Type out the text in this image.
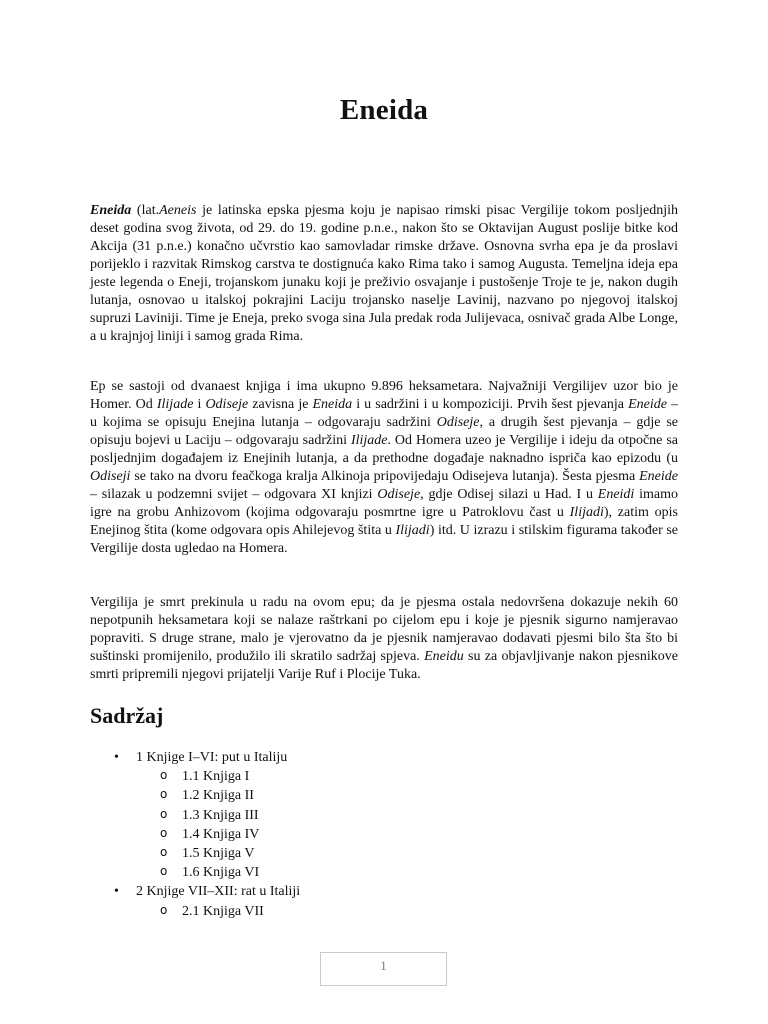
Eneida

Eneida (lat.Aeneis je latinska epska pjesma koju je napisao rimski pisac Vergilije tokom posljednjih deset godina svog života, od 29. do 19. godine p.n.e., nakon što se Oktavijan August poslije bitke kod Akcija (31 p.n.e.) konačno učvrstio kao samovladar rimske države. Osnovna svrha epa je da proslavi porijeklo i razvitak Rimskog carstva te dostignuća kako Rima tako i samog Augusta. Temeljna ideja epa jeste legenda o Eneji, trojanskom junaku koji je preživio osvajanje i pustošenje Troje te je, nakon dugih lutanja, osnovao u italskoj pokrajini Laciju trojansko naselje Lavinij, nazvano po njegovoj italskoj supruzi Laviniji. Time je Eneja, preko svoga sina Jula predak roda Julijevaca, osnivač grada Albe Longe, a u krajnjoj liniji i samog grada Rima.

Ep se sastoji od dvanaest knjiga i ima ukupno 9.896 heksametara. Najvažniji Vergilijev uzor bio je Homer. Od Ilijade i Odiseje zavisna je Eneida i u sadržini i u kompoziciji. Prvih šest pjevanja Eneide – u kojima se opisuju Enejina lutanja – odgovaraju sadržini Odiseje, a drugih šest pjevanja – gdje se opisuju bojevi u Laciju – odgovaraju sadržini Ilijade. Od Homera uzeo je Vergilije i ideju da otpočne sa posljednjim događajem iz Enejinih lutanja, a da prethodne događaje naknadno ispriča kao epizodu (u Odiseji se tako na dvoru feačkoga kralja Alkinoja pripovijedaju Odisejeva lutanja). Šesta pjesma Eneide – silazak u podzemni svijet – odgovara XI knjizi Odiseje, gdje Odisej silazi u Had. I u Eneidi imamo igre na grobu Anhizovom (kojima odgovaraju posmrtne igre u Patroklovu čast u Ilijadi), zatim opis Enejinog štita (kome odgovara opis Ahilejevog štita u Ilijadi) itd. U izrazu i stilskim figurama također se Vergilije dosta ugledao na Homera.

Vergilija je smrt prekinula u radu na ovom epu; da je pjesma ostala nedovršena dokazuje nekih 60 nepotpunih heksametara koji se nalaze raštrkani po cijelom epu i koje je pjesnik sigurno namjeravao popraviti. S druge strane, malo je vjerovatno da je pjesnik namjeravao dodavati pjesmi bilo šta što bi suštinski promijenilo, produžilo ili skratilo sadržaj spjeva. Eneidu su za objavljivanje nakon pjesnikove smrti pripremili njegovi prijatelji Varije Ruf i Plocije Tuka.

Sadržaj
• 1 Knjige I–VI: put u Italiju
o 1.1 Knjiga I
o 1.2 Knjiga II
o 1.3 Knjiga III
o 1.4 Knjiga IV
o 1.5 Knjiga V
o 1.6 Knjiga VI
• 2 Knjige VII–XII: rat u Italiji
o 2.1 Knjiga VII
1
